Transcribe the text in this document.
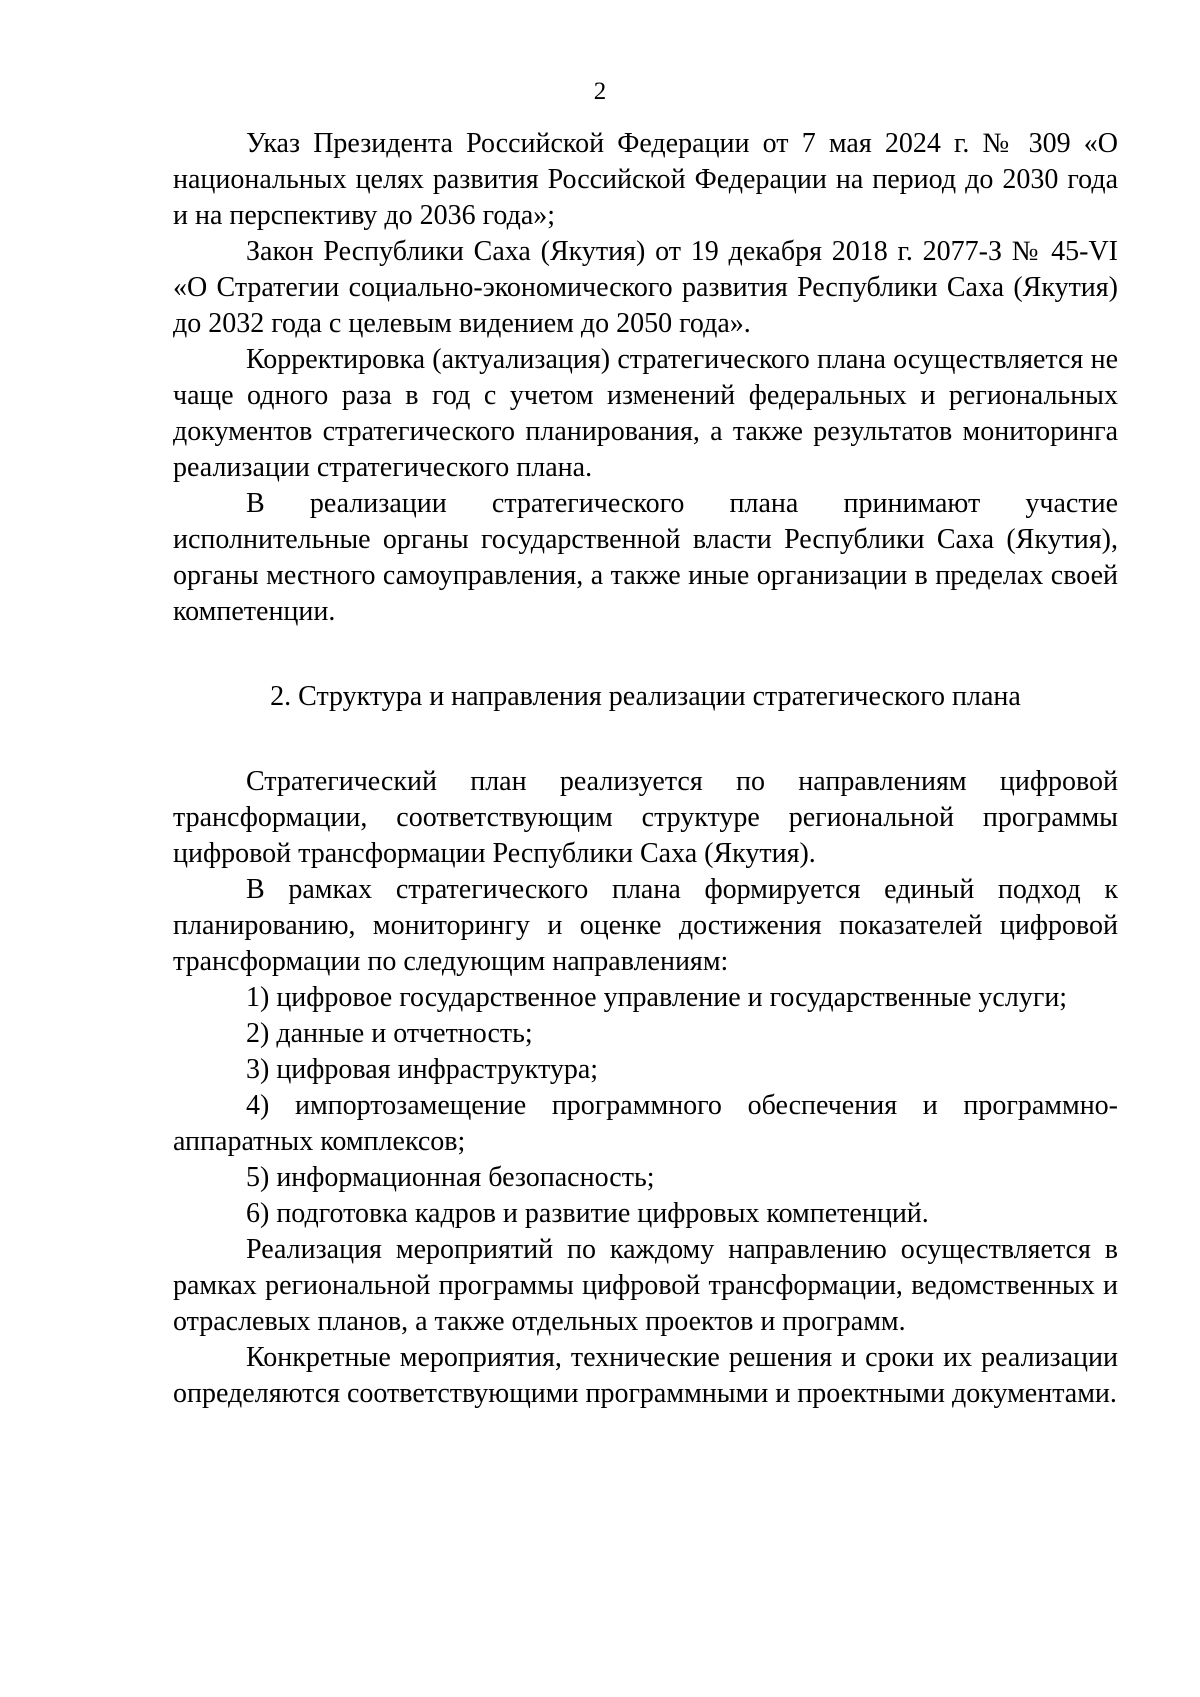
2

Указ Президента Российской Федерации от 7 мая 2024 г. № 309 «О национальных целях развития Российской Федерации на период до 2030 года и на перспективу до 2036 года»;

Закон Республики Саха (Якутия) от 19 декабря 2018 г. 2077-З № 45-VI «О Стратегии социально-экономического развития Республики Саха (Якутия) до 2032 года с целевым видением до 2050 года».

Корректировка (актуализация) стратегического плана осуществляется не чаще одного раза в год с учетом изменений федеральных и региональных документов стратегического планирования, а также результатов мониторинга реализации стратегического плана.

В реализации стратегического плана принимают участие исполнительные органы государственной власти Республики Саха (Якутия), органы местного самоуправления, а также иные организации в пределах своей компетенции.

2. Структура и направления реализации стратегического плана

Стратегический план реализуется по направлениям цифровой трансформации, соответствующим структуре региональной программы цифровой трансформации Республики Саха (Якутия).

В рамках стратегического плана формируется единый подход к планированию, мониторингу и оценке достижения показателей цифровой трансформации по следующим направлениям:

1) цифровое государственное управление и государственные услуги;

2) данные и отчетность;

3) цифровая инфраструктура;

4) импортозамещение программного обеспечения и программно-аппаратных комплексов;

5) информационная безопасность;

6) подготовка кадров и развитие цифровых компетенций.

Реализация мероприятий по каждому направлению осуществляется в рамках региональной программы цифровой трансформации, ведомственных и отраслевых планов, а также отдельных проектов и программ.

Конкретные мероприятия, технические решения и сроки их реализации определяются соответствующими программными и проектными документами.
